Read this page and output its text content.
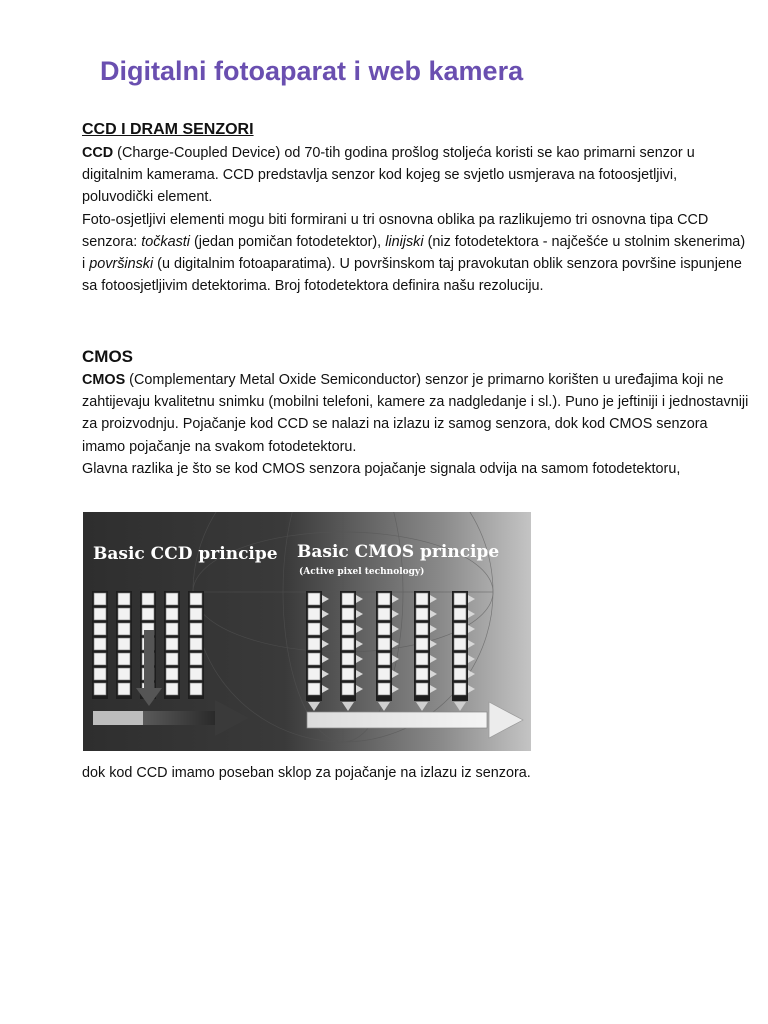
Digitalni fotoaparat i web kamera
CCD I DRAM SENZORI

CCD (Charge-Coupled Device) od 70-tih godina prošlog stoljeća koristi se kao primarni senzor u digitalnim kamerama. CCD predstavlja senzor kod kojeg se svjetlo usmjerava na fotoosjetljivi, poluvodički element.

Foto-osjetljivi elementi mogu biti formirani u tri osnovna oblika pa razlikujemo tri osnovna tipa CCD senzora: točkasti (jedan pomičan fotodetektor), linijski (niz fotodetektora - najčešće u stolnim skenerima) i površinski (u digitalnim fotoaparatima). U površinskom taj pravokutan oblik senzora površine ispunjene sa fotoosjetljivim detektorima. Broj fotodetektora definira našu rezoluciju.

CMOS

CMOS (Complementary Metal Oxide Semiconductor) senzor je primarno korišten u uređajima koji ne zahtijevaju kvalitetnu snimku (mobilni telefoni, kamere za nadgledanje i sl.). Puno je jeftiniji i jednostavniji za proizvodnju. Pojačanje kod CCD se nalazi na izlazu iz samog senzora, dok kod CMOS senzora imamo pojačanje na svakom fotodetektoru.

Glavna razlika je što se kod CMOS senzora pojačanje signala odvija na samom fotodetektoru,

Basic CCD principe Basic CMOS principe
(Active pixel technology)

dok kod CCD imamo poseban sklop za pojačanje na izlazu iz senzora.
